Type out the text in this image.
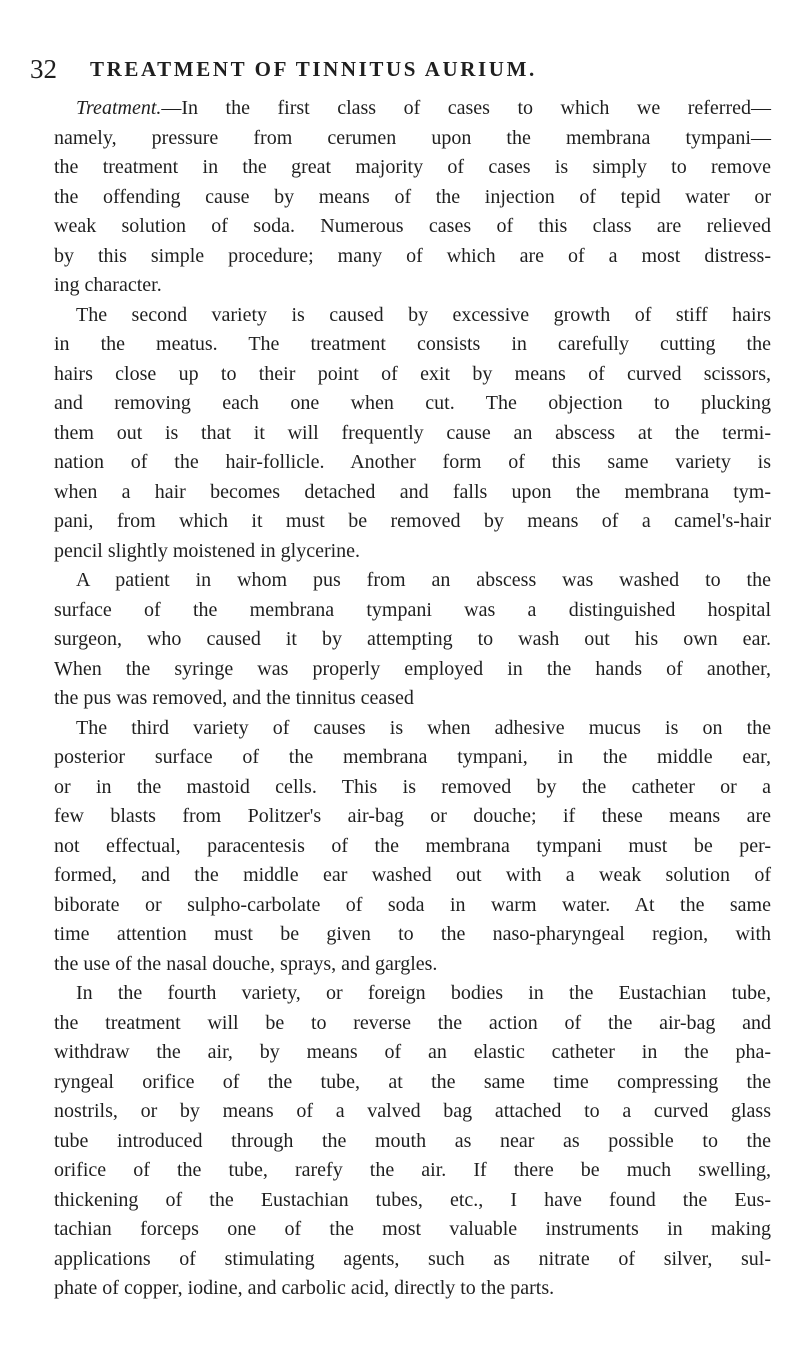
32 TREATMENT OF TINNITUS AURIUM.
Treatment.—In the first class of cases to which we referred—
namely, pressure from cerumen upon the membrana tympani—
the treatment in the great majority of cases is simply to remove
the offending cause by means of the injection of tepid water or
weak solution of soda. Numerous cases of this class are relieved
by this simple procedure; many of which are of a most distress-
ing character.
The second variety is caused by excessive growth of stiff hairs
in the meatus. The treatment consists in carefully cutting the
hairs close up to their point of exit by means of curved scissors,
and removing each one when cut. The objection to plucking
them out is that it will frequently cause an abscess at the termi-
nation of the hair-follicle. Another form of this same variety is
when a hair becomes detached and falls upon the membrana tym-
pani, from which it must be removed by means of a camel's-hair
pencil slightly moistened in glycerine.
A patient in whom pus from an abscess was washed to the
surface of the membrana tympani was a distinguished hospital
surgeon, who caused it by attempting to wash out his own ear.
When the syringe was properly employed in the hands of another,
the pus was removed, and the tinnitus ceased
The third variety of causes is when adhesive mucus is on the
posterior surface of the membrana tympani, in the middle ear,
or in the mastoid cells. This is removed by the catheter or a
few blasts from Politzer's air-bag or douche; if these means are
not effectual, paracentesis of the membrana tympani must be per-
formed, and the middle ear washed out with a weak solution of
biborate or sulpho-carbolate of soda in warm water. At the same
time attention must be given to the naso-pharyngeal region, with
the use of the nasal douche, sprays, and gargles.
In the fourth variety, or foreign bodies in the Eustachian tube,
the treatment will be to reverse the action of the air-bag and
withdraw the air, by means of an elastic catheter in the pha-
ryngeal orifice of the tube, at the same time compressing the
nostrils, or by means of a valved bag attached to a curved glass
tube introduced through the mouth as near as possible to the
orifice of the tube, rarefy the air. If there be much swelling,
thickening of the Eustachian tubes, etc., I have found the Eus-
tachian forceps one of the most valuable instruments in making
applications of stimulating agents, such as nitrate of silver, sul-
phate of copper, iodine, and carbolic acid, directly to the parts.
